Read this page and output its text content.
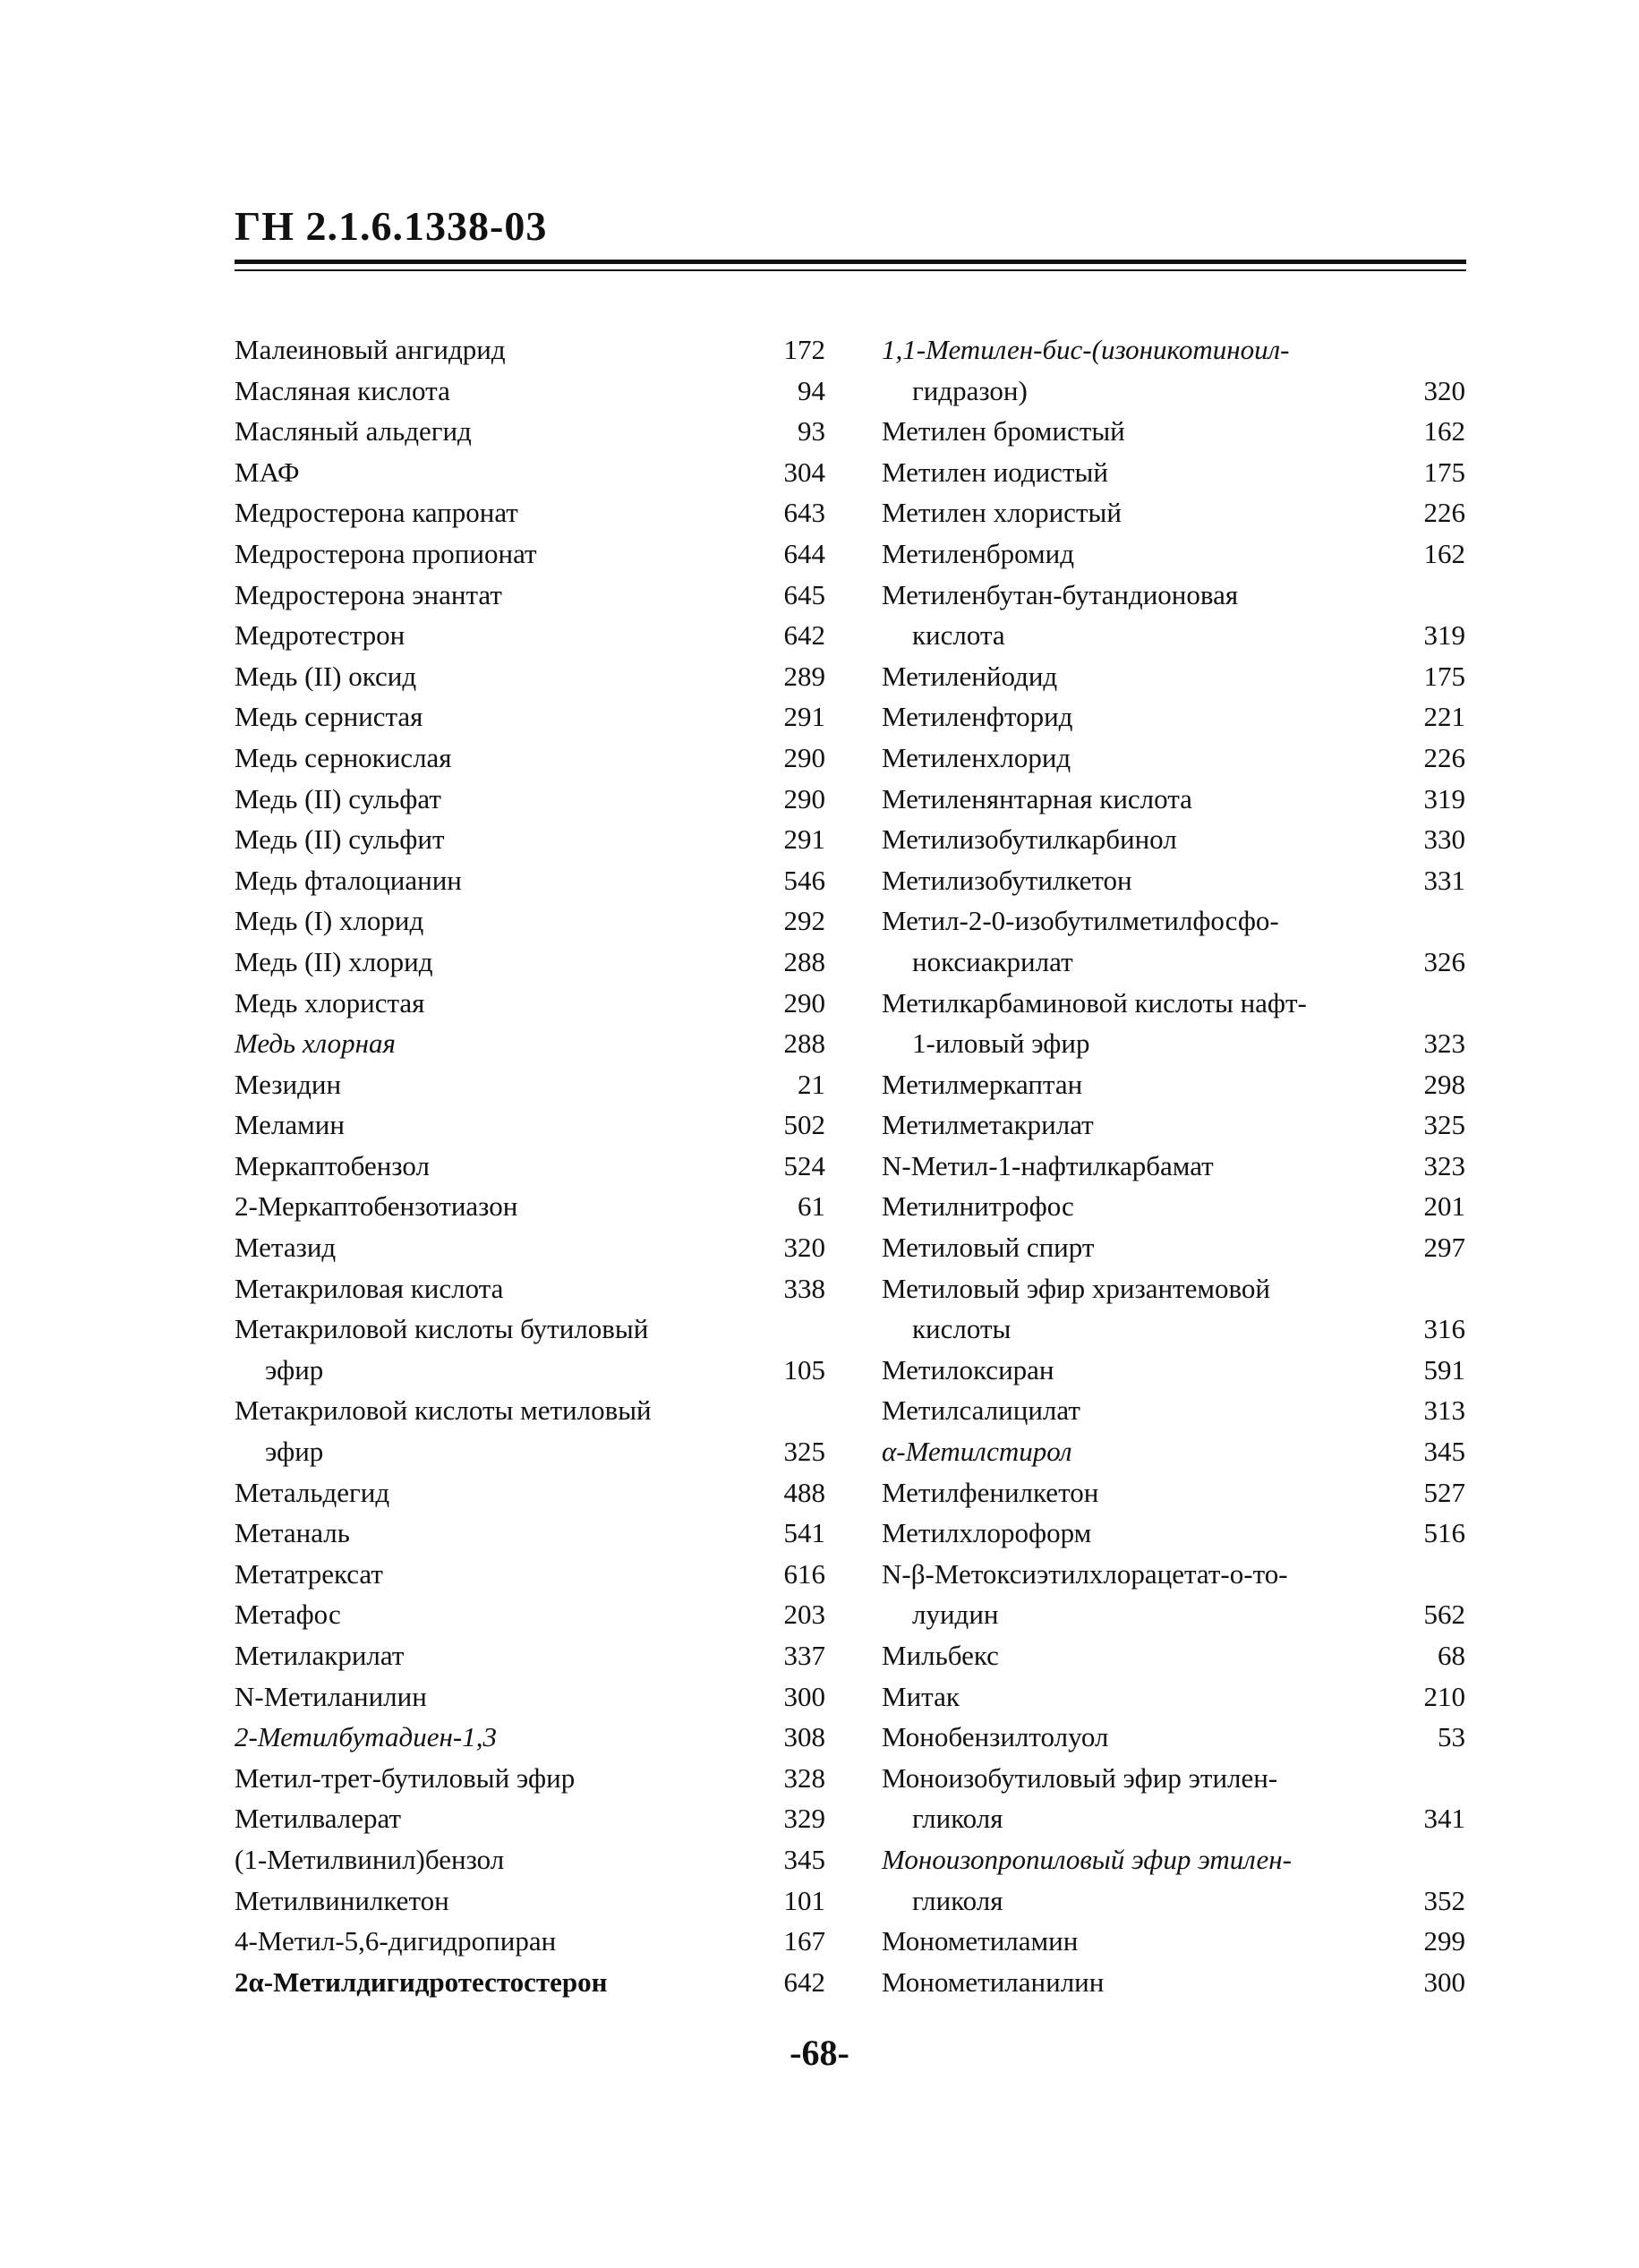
ГН 2.1.6.1338-03
Малеиновый ангидрид	172
Масляная кислота	94
Масляный альдегид	93
МАФ	304
Медростерона капронат	643
Медростерона пропионат	644
Медростерона энантат	645
Медротестрон	642
Медь (II) оксид	289
Медь сернистая	291
Медь сернокислая	290
Медь (II) сульфат	290
Медь (II) сульфит	291
Медь фталоцианин	546
Медь (I) хлорид	292
Медь (II) хлорид	288
Медь хлористая	290
Медь хлорная	288
Мезидин	21
Меламин	502
Меркаптобензол	524
2-Меркаптобензотиазон	61
Метазид	320
Метакриловая кислота	338
Метакриловой кислоты бутиловый
эфир	105
Метакриловой кислоты метиловый
эфир	325
Метальдегид	488
Метаналь	541
Метатрексат	616
Метафос	203
Метилакрилат	337
N-Метиланилин	300
2-Метилбутадиен-1,3	308
Метил-трет-бутиловый эфир	328
Метилвалерат	329
(1-Метилвинил)бензол	345
Метилвинилкетон	101
4-Метил-5,6-дигидропиран	167
2α-Метилдигидротестостерон	642
1,1-Метилен-бис-(изоникотиноил-
гидразон)	320
Метилен бромистый	162
Метилен иодистый	175
Метилен хлористый	226
Метиленбромид	162
Метиленбутан-бутандионовая
кислота	319
Метиленйодид	175
Метиленфторид	221
Метиленхлорид	226
Метиленянтарная кислота	319
Метилизобутилкарбинол	330
Метилизобутилкетон	331
Метил-2-0-изобутилметилфосфо-
ноксиакрилат	326
Метилкарбаминовой кислоты нафт-
1-иловый эфир	323
Метилмеркаптан	298
Метилметакрилат	325
N-Метил-1-нафтилкарбамат	323
Метилнитрофос	201
Метиловый спирт	297
Метиловый эфир хризантемовой
кислоты	316
Метилоксиран	591
Метилсалицилат	313
α-Метилстирол	345
Метилфенилкетон	527
Метилхлороформ	516
N-β-Метоксиэтилхлорацетат-о-то-
луидин	562
Мильбекс	68
Митак	210
Монобензилтолуол	53
Моноизобутиловый эфир этилен-
гликоля	341
Моноизопропиловый эфир этилен-
гликоля	352
Монометиламин	299
Монометиланилин	300
-68-
